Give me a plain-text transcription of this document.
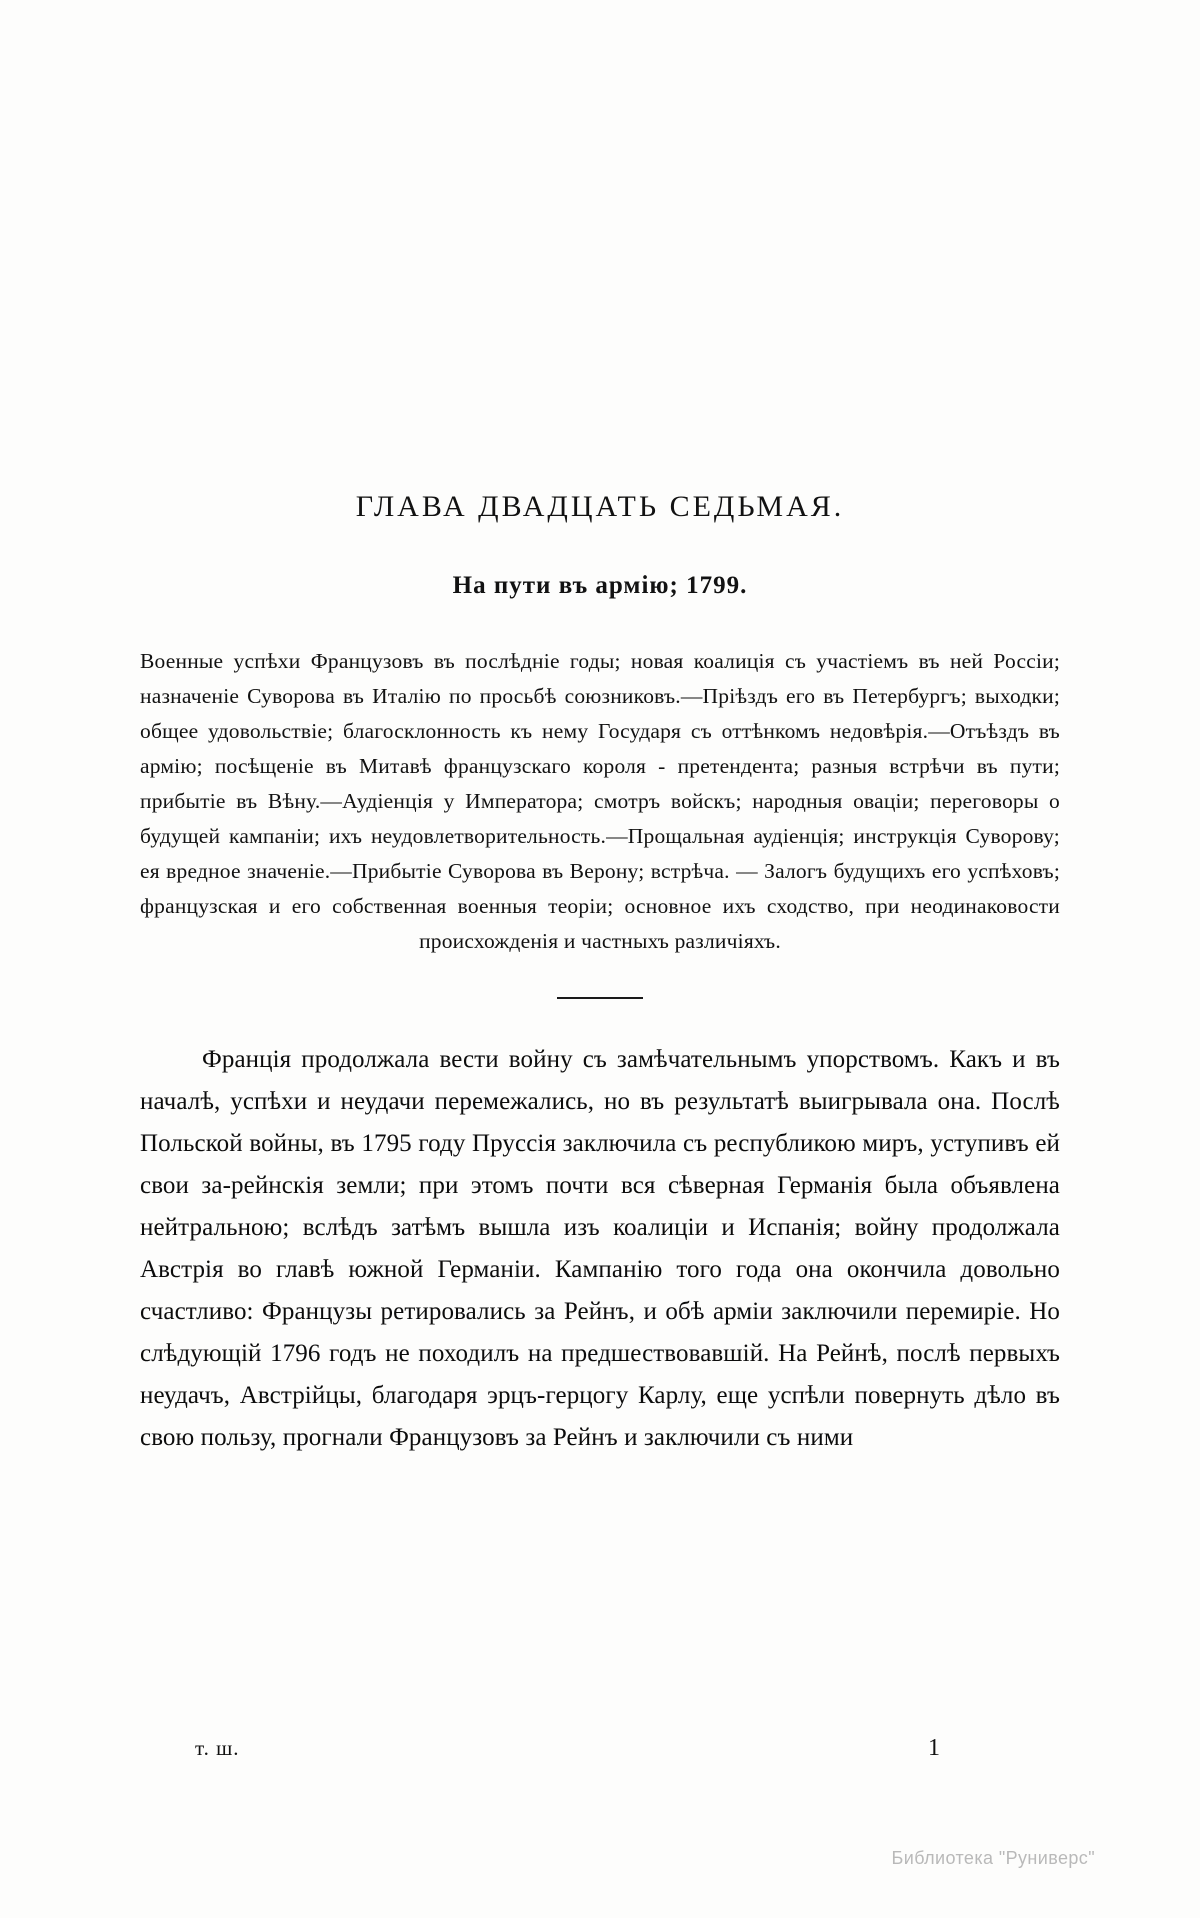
ГЛАВА ДВАДЦАТЬ СЕДЬМАЯ.
На пути въ армію; 1799.

Военные успѣхи Французовъ въ послѣдніе годы; новая коалиція съ участіемъ въ ней Россіи; назначеніе Суворова въ Италію по просьбѣ союзниковъ.—Пріѣздъ его въ Петербургъ; выходки; общее удовольствіе; благосклонность къ нему Государя съ оттѣнкомъ недовѣрія.—Отъѣздъ въ армію; посѣщеніе въ Митавѣ французскаго короля - претендента; разныя встрѣчи въ пути; прибытіе въ Вѣну.—Аудіенція у Императора; смотръ войскъ; народныя оваціи; переговоры о будущей кампаніи; ихъ неудовлетворительность.—Прощальная аудіенція; инструкція Суворову; ея вредное значеніе.—Прибытіе Суворова въ Верону; встрѣча. — Залогъ будущихъ его успѣховъ; французская и его собственная военныя теоріи; основное ихъ сходство, при неодинаковости происхожденія и частныхъ различіяхъ.

Франція продолжала вести войну съ замѣчательнымъ упорствомъ. Какъ и въ началѣ, успѣхи и неудачи перемежались, но въ результатѣ выигрывала она. Послѣ Польской войны, въ 1795 году Пруссія заключила съ республикою миръ, уступивъ ей свои за-рейнскія земли; при этомъ почти вся сѣверная Германія была объявлена нейтральною; вслѣдъ затѣмъ вышла изъ коалиціи и Испанія; войну продолжала Австрія во главѣ южной Германіи. Кампанію того года она окончила довольно счастливо: Французы ретировались за Рейнъ, и обѣ арміи заключили перемиріе. Но слѣдующій 1796 годъ не походилъ на предшествовавшій. На Рейнѣ, послѣ первыхъ неудачъ, Австрійцы, благодаря эрцъ-герцогу Карлу, еще успѣли повернуть дѣло въ свою пользу, прогнали Французовъ за Рейнъ и заключили съ ними

т. ш.	1
Библиотека "Руниверс"
